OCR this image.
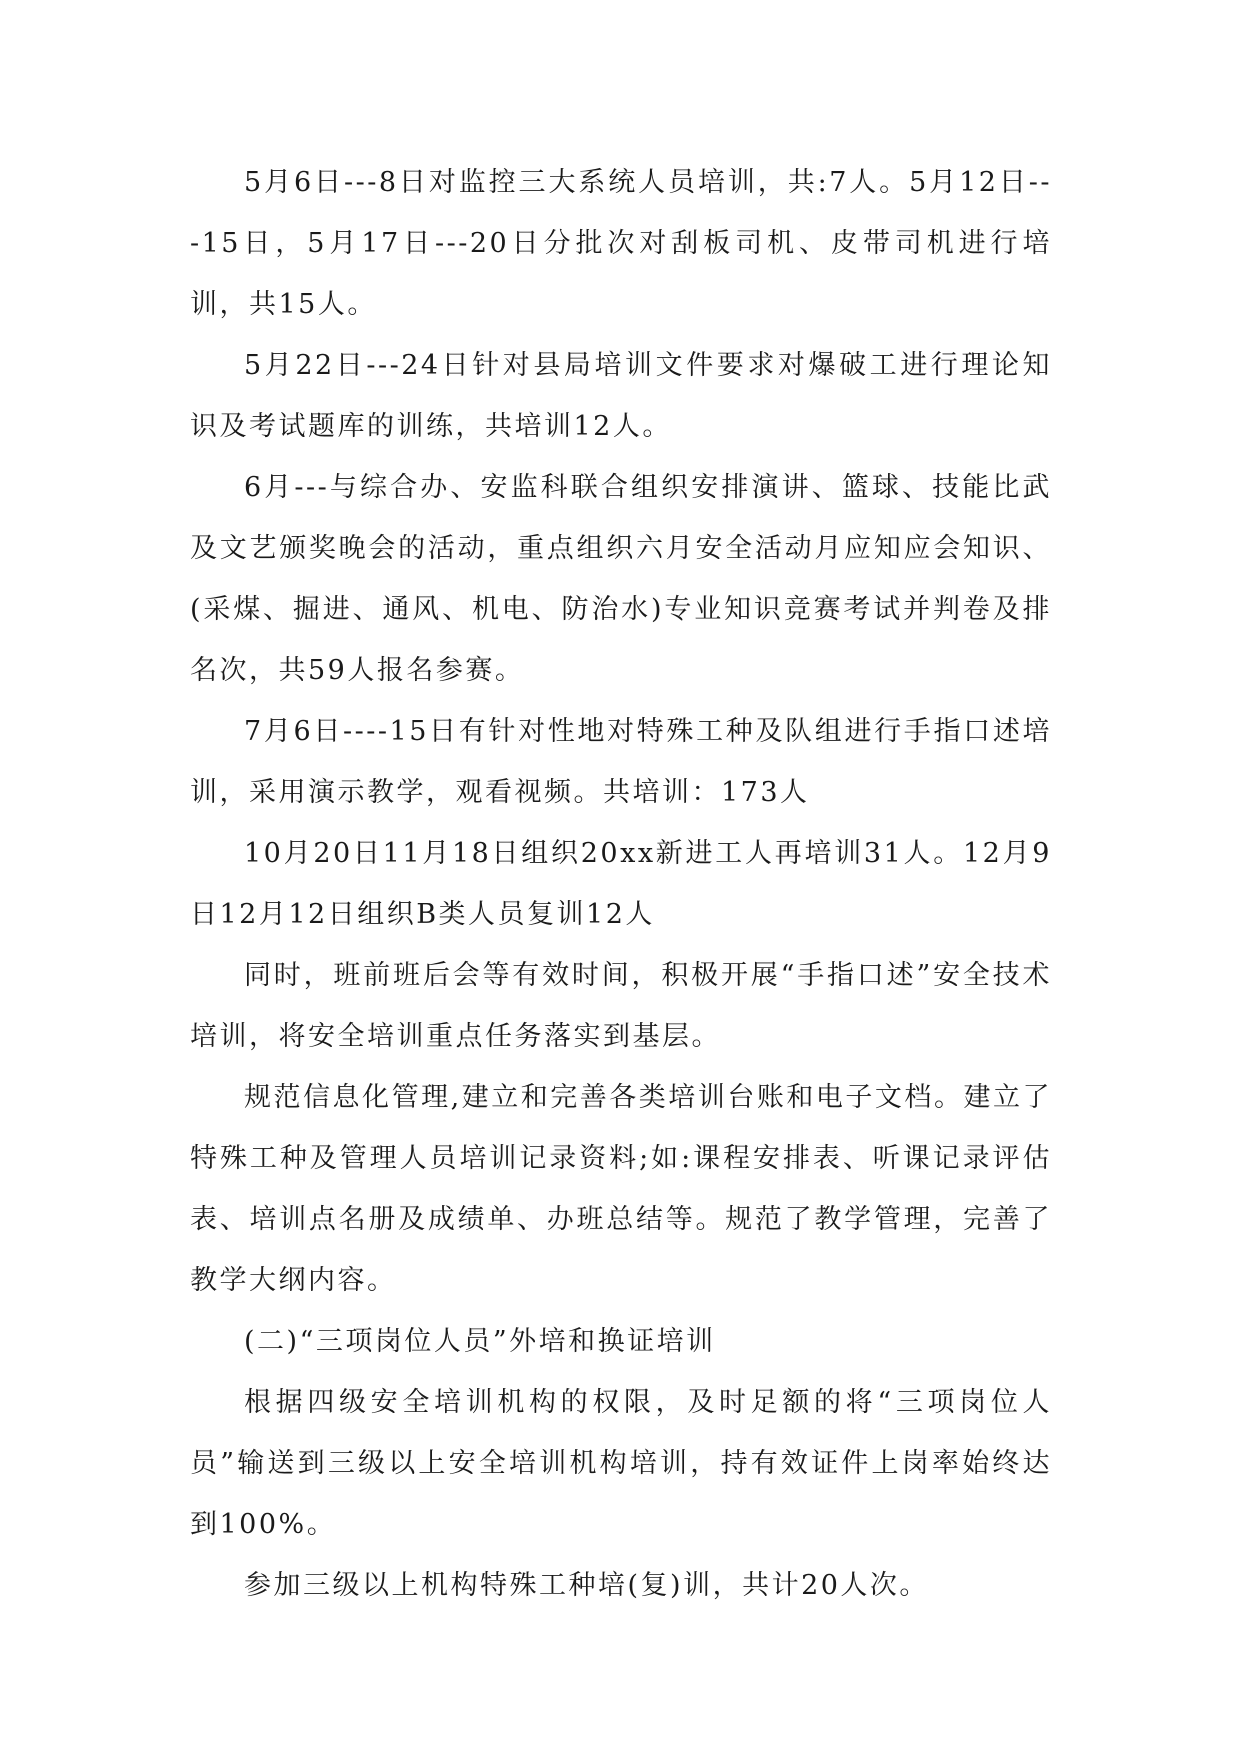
5月6日---8日对监控三大系统人员培训，共:7人。5月12日---15日，5月17日---20日分批次对刮板司机、皮带司机进行培训，共15人。

5月22日---24日针对县局培训文件要求对爆破工进行理论知识及考试题库的训练，共培训12人。

6月---与综合办、安监科联合组织安排演讲、篮球、技能比武及文艺颁奖晚会的活动，重点组织六月安全活动月应知应会知识、(采煤、掘进、通风、机电、防治水)专业知识竞赛考试并判卷及排名次，共59人报名参赛。

7月6日----15日有针对性地对特殊工种及队组进行手指口述培训，采用演示教学，观看视频。共培训：173人

10月20日11月18日组织20xx新进工人再培训31人。12月9日12月12日组织B类人员复训12人

同时，班前班后会等有效时间，积极开展“手指口述”安全技术培训，将安全培训重点任务落实到基层。

规范信息化管理,建立和完善各类培训台账和电子文档。建立了特殊工种及管理人员培训记录资料;如:课程安排表、听课记录评估表、培训点名册及成绩单、办班总结等。规范了教学管理，完善了教学大纲内容。

(二)“三项岗位人员”外培和换证培训

根据四级安全培训机构的权限，及时足额的将“三项岗位人员”输送到三级以上安全培训机构培训，持有效证件上岗率始终达到100%。

参加三级以上机构特殊工种培(复)训，共计20人次。
